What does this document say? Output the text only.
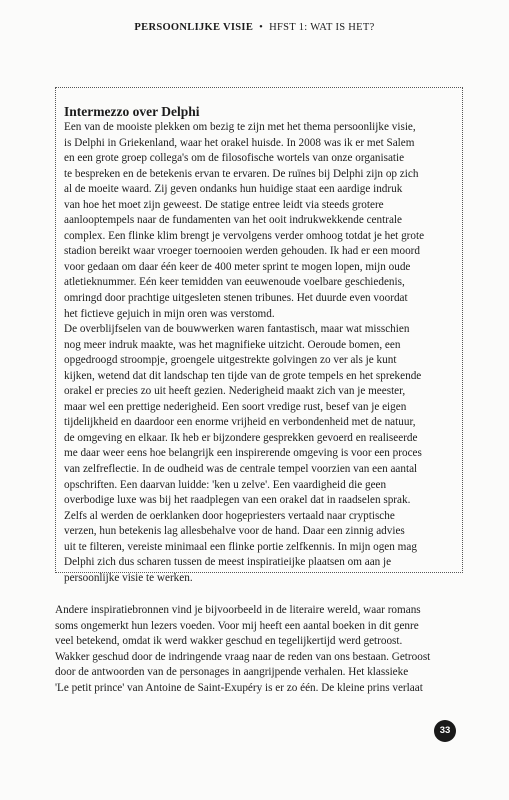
PERSOONLIJKE VISIE • HFST 1: WAT IS HET?
Intermezzo over Delphi

Een van de mooiste plekken om bezig te zijn met het thema persoonlijke visie,
is Delphi in Griekenland, waar het orakel huisde. In 2008 was ik er met Salem
en een grote groep collega's om de filosofische wortels van onze organisatie
te bespreken en de betekenis ervan te ervaren. De ruïnes bij Delphi zijn op zich
al de moeite waard. Zij geven ondanks hun huidige staat een aardige indruk
van hoe het moet zijn geweest. De statige entree leidt via steeds grotere
aanlooptempels naar de fundamenten van het ooit indrukwekkende centrale
complex. Een flinke klim brengt je vervolgens verder omhoog totdat je het grote
stadion bereikt waar vroeger toernooien werden gehouden. Ik had er een moord
voor gedaan om daar één keer de 400 meter sprint te mogen lopen, mijn oude
atletieknummer. Eén keer temidden van eeuwenoude voelbare geschiedenis,
omringd door prachtige uitgesleten stenen tribunes. Het duurde even voordat
het fictieve gejuich in mijn oren was verstomd.

De overblijfselen van de bouwwerken waren fantastisch, maar wat misschien
nog meer indruk maakte, was het magnifieke uitzicht. Oeroude bomen, een
opgedroogd stroompje, groengele uitgestrekte golvingen zo ver als je kunt
kijken, wetend dat dit landschap ten tijde van de grote tempels en het sprekende
orakel er precies zo uit heeft gezien. Nederigheid maakt zich van je meester,
maar wel een prettige nederigheid. Een soort vredige rust, besef van je eigen
tijdelijkheid en daardoor een enorme vrijheid en verbondenheid met de natuur,
de omgeving en elkaar. Ik heb er bijzondere gesprekken gevoerd en realiseerde
me daar weer eens hoe belangrijk een inspirerende omgeving is voor een proces
van zelfreflectie. In de oudheid was de centrale tempel voorzien van een aantal
opschriften. Een daarvan luidde: 'ken u zelve'. Een vaardigheid die geen
overbodige luxe was bij het raadplegen van een orakel dat in raadselen sprak.
Zelfs al werden de oerklanken door hogepriesters vertaald naar cryptische
verzen, hun betekenis lag allesbehalve voor de hand. Daar een zinnig advies
uit te filteren, vereiste minimaal een flinke portie zelfkennis. In mijn ogen mag
Delphi zich dus scharen tussen de meest inspiratieijke plaatsen om aan je
persoonlijke visie te werken.

Andere inspiratiebronnen vind je bijvoorbeeld in de literaire wereld, waar romans
soms ongemerkt hun lezers voeden. Voor mij heeft een aantal boeken in dit genre
veel betekend, omdat ik werd wakker geschud en tegelijkertijd werd getroost.
Wakker geschud door de indringende vraag naar de reden van ons bestaan. Getroost
door de antwoorden van de personages in aangrijpende verhalen. Het klassieke
'Le petit prince' van Antoine de Saint-Exupéry is er zo één. De kleine prins verlaat

33
